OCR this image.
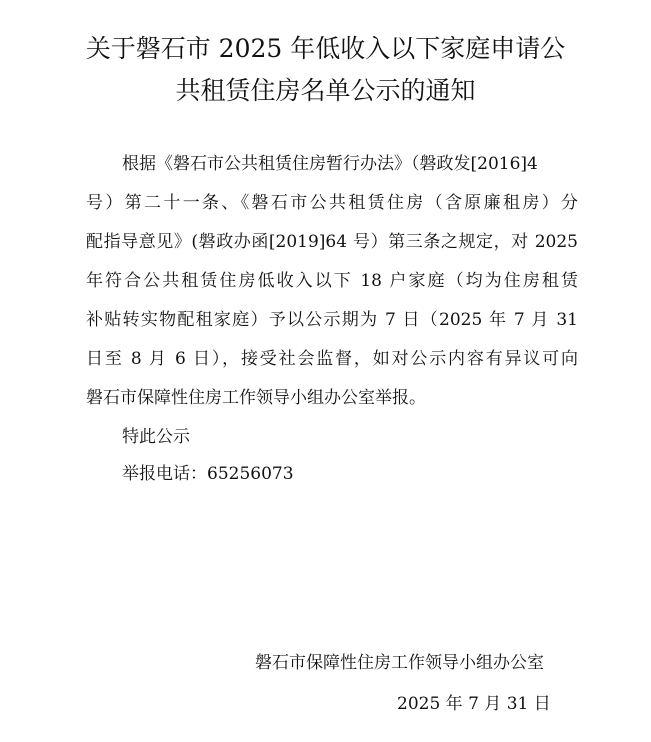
关于磐石市 2025 年低收入以下家庭申请公
共租赁住房名单公示的通知
根据《磐石市公共租赁住房暂行办法》（磐政发[2016]4
号）第二十一条、《磐石市公共租赁住房（含原廉租房）分
配指导意见》(磐政办函[2019]64 号）第三条之规定，对 2025
年符合公共租赁住房低收入以下 18 户家庭（均为住房租赁
补贴转实物配租家庭）予以公示期为 7 日（2025 年 7 月 31
日至 8 月 6 日），接受社会监督，如对公示内容有异议可向
磐石市保障性住房工作领导小组办公室举报。
特此公示
举报电话：65256073
磐石市保障性住房工作领导小组办公室
2025 年 7 月 31 日
